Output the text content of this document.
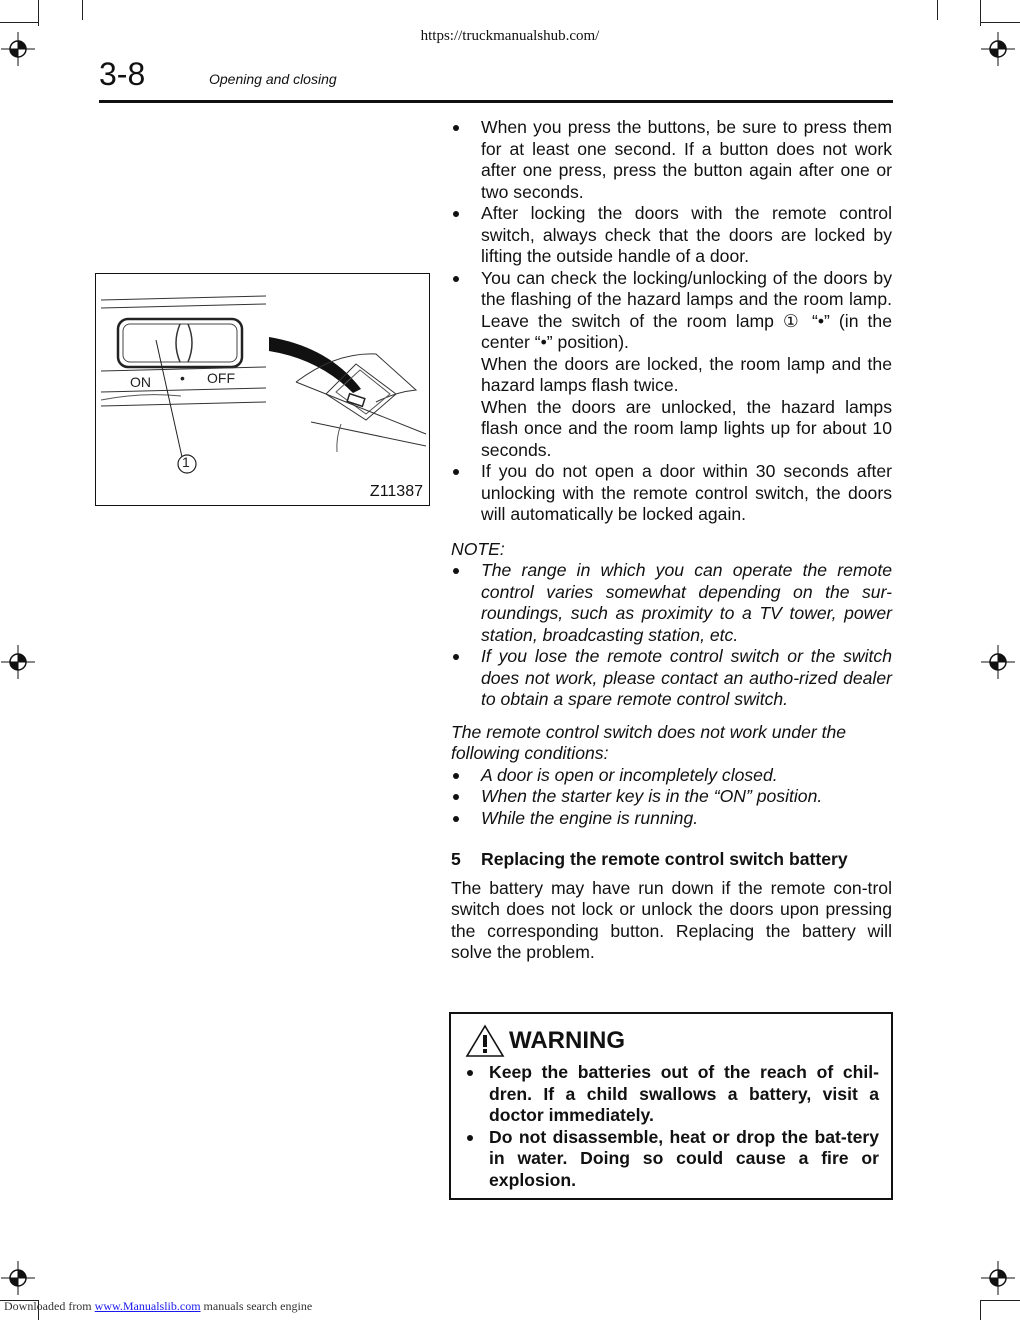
https://truckmanualshub.com/
3-8	Opening and closing
ON • OFF
1
Z11387
When you press the buttons, be sure to press them for at least one second. If a button does not work after one press, press the button again after one or two seconds.
After locking the doors with the remote control switch, always check that the doors are locked by lifting the outside handle of a door.
You can check the locking/unlocking of the doors by the flashing of the hazard lamps and the room lamp. Leave the switch of the room lamp ① “•” (in the center “•” position).
When the doors are locked, the room lamp and the hazard lamps flash twice.
When the doors are unlocked, the hazard lamps flash once and the room lamp lights up for about 10 seconds.
If you do not open a door within 30 seconds after unlocking with the remote control switch, the doors will automatically be locked again.

NOTE:

The range in which you can operate the remote control varies somewhat depending on the sur-roundings, such as proximity to a TV tower, power station, broadcasting station, etc.
If you lose the remote control switch or the switch does not work, please contact an autho-rized dealer to obtain a spare remote control switch.

The remote control switch does not work under the following conditions:

A door is open or incompletely closed.
When the starter key is in the “ON” position.
While the engine is running.

5	Replacing the remote control switch battery

The battery may have run down if the remote con-trol switch does not lock or unlock the doors upon pressing the corresponding button. Replacing the battery will solve the problem.

WARNING
Keep the batteries out of the reach of chil-dren. If a child swallows a battery, visit a doctor immediately.
Do not disassemble, heat or drop the bat-tery in water. Doing so could cause a fire or explosion.
Downloaded from www.Manualslib.com manuals search engine
